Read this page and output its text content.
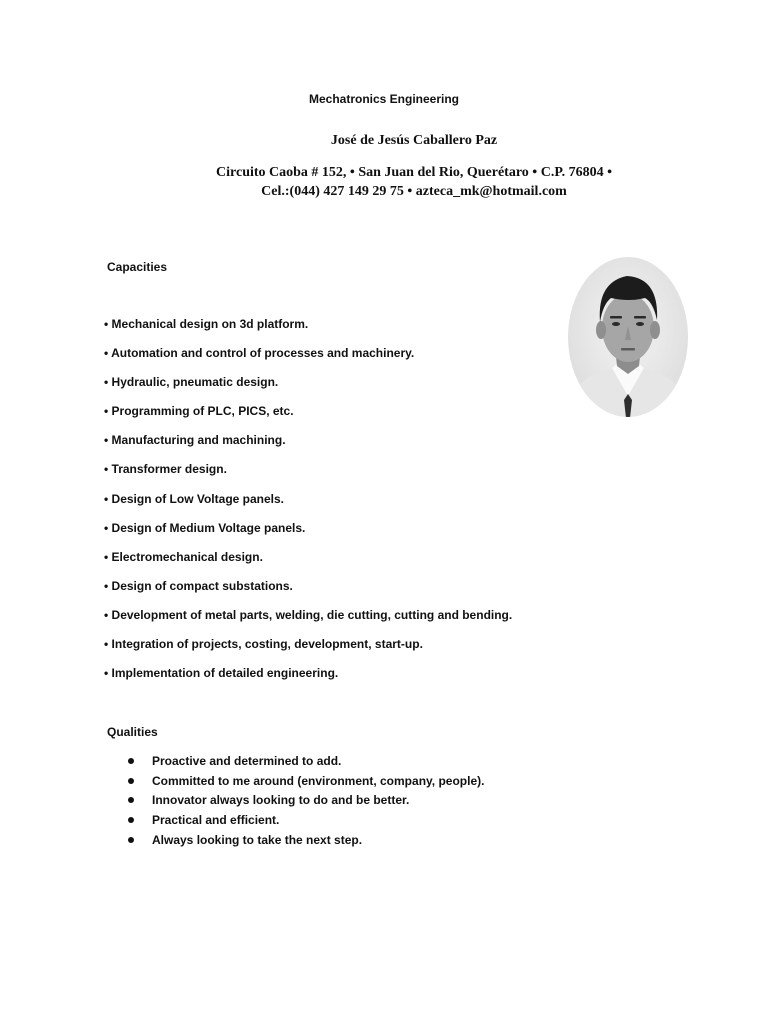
Mechatronics Engineering
José de Jesús Caballero Paz
Circuito Caoba # 152, • San Juan del Rio, Querétaro • C.P. 76804 •
Cel.:(044) 427 149 29 75 • azteca_mk@hotmail.com
Capacities
• Mechanical design on 3d platform.
• Automation and control of processes and machinery.
• Hydraulic, pneumatic design.
• Programming of PLC, PICS, etc.
• Manufacturing and machining.
• Transformer design.
• Design of Low Voltage panels.
• Design of Medium Voltage panels.
• Electromechanical design.
• Design of compact substations.
• Development of metal parts, welding, die cutting, cutting and bending.
• Integration of projects, costing, development, start-up.
• Implementation of detailed engineering.
Qualities
Proactive and determined to add.
Committed to me around (environment, company, people).
Innovator always looking to do and be better.
Practical and efficient.
Always looking to take the next step.
